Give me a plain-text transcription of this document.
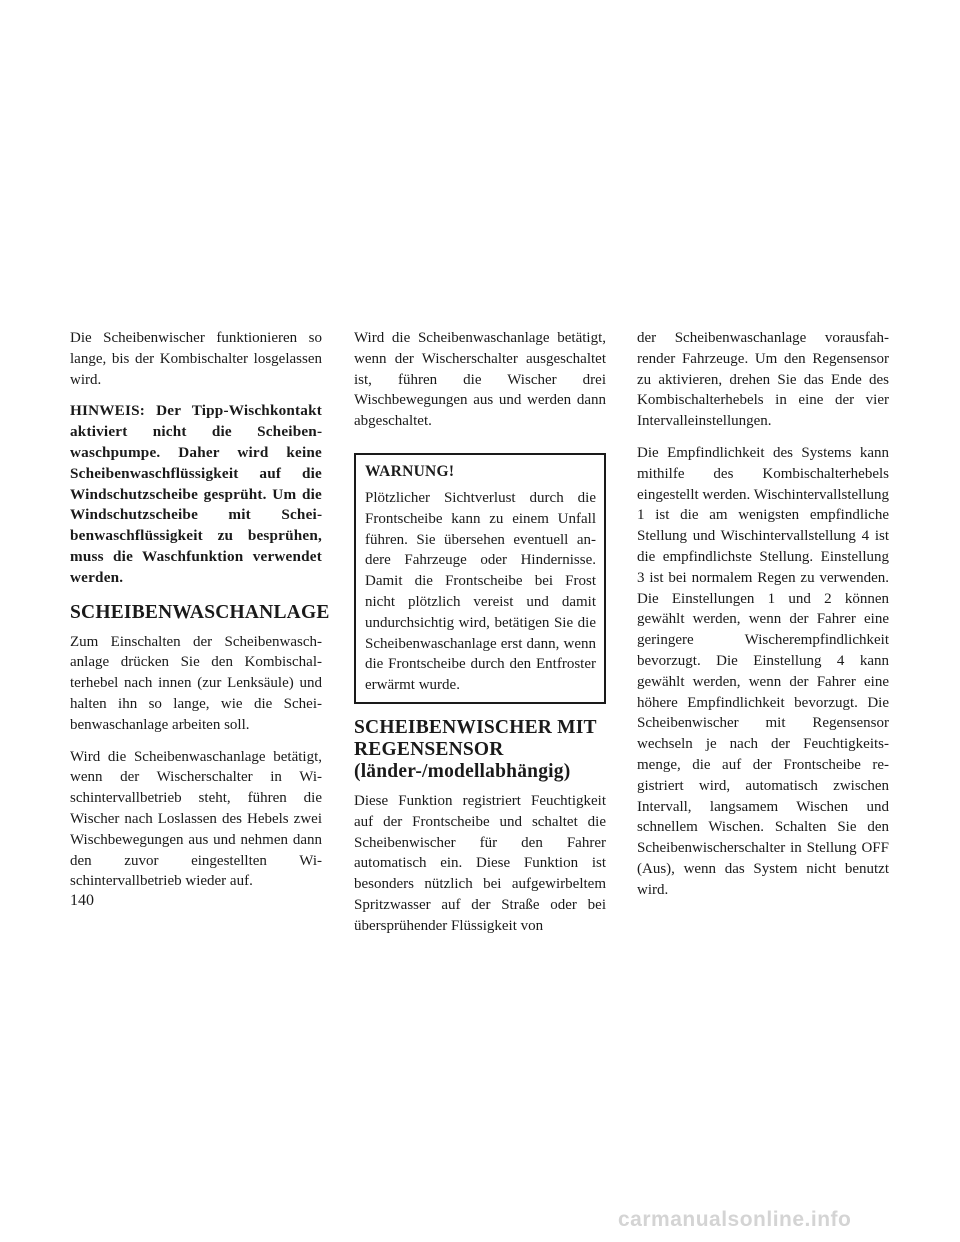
Die Scheibenwischer funktionieren so lange, bis der Kombischalter losgelassen wird.

HINWEIS: Der Tipp-Wischkontakt aktiviert nicht die Scheibenwaschpumpe. Daher wird keine Scheibenwaschflüssigkeit auf die Windschutzscheibe gesprüht. Um die Windschutzscheibe mit Scheibenwaschflüssigkeit zu besprühen, muss die Waschfunktion verwendet werden.

SCHEIBENWASCHANLAGE

Zum Einschalten der Scheibenwaschanlage drücken Sie den Kombischalterhebel nach innen (zur Lenksäule) und halten ihn so lange, wie die Scheibenwaschanlage arbeiten soll.

Wird die Scheibenwaschanlage betätigt, wenn der Wischerschalter in Wischintervallbetrieb steht, führen die Wischer nach Loslassen des Hebels zwei Wischbewegungen aus und nehmen dann den zuvor eingestellten Wischintervallbetrieb wieder auf.

Wird die Scheibenwaschanlage betätigt, wenn der Wischerschalter ausgeschaltet ist, führen die Wischer drei Wischbewegungen aus und werden dann abgeschaltet.

WARNUNG!

Plötzlicher Sichtverlust durch die Frontscheibe kann zu einem Unfall führen. Sie übersehen eventuell andere Fahrzeuge oder Hindernisse. Damit die Frontscheibe bei Frost nicht plötzlich vereist und damit undurchsichtig wird, betätigen Sie die Scheibenwaschanlage erst dann, wenn die Frontscheibe durch den Entfroster erwärmt wurde.

SCHEIBENWISCHER MIT
REGENSENSOR
(länder-/modellabhängig)

Diese Funktion registriert Feuchtigkeit auf der Frontscheibe und schaltet die Scheibenwischer für den Fahrer automatisch ein. Diese Funktion ist besonders nützlich bei aufgewirbeltem Spritzwasser auf der Straße oder bei übersprühender Flüssigkeit von

der Scheibenwaschanlage vorausfahrender Fahrzeuge. Um den Regensensor zu aktivieren, drehen Sie das Ende des Kombischalterhebels in eine der vier Intervalleinstellungen.

Die Empfindlichkeit des Systems kann mithilfe des Kombischalterhebels eingestellt werden. Wischintervallstellung 1 ist die am wenigsten empfindliche Stellung und Wischintervallstellung 4 ist die empfindlichste Stellung. Einstellung 3 ist bei normalem Regen zu verwenden. Die Einstellungen 1 und 2 können gewählt werden, wenn der Fahrer eine geringere Wischerempfindlichkeit bevorzugt. Die Einstellung 4 kann gewählt werden, wenn der Fahrer eine höhere Empfindlichkeit bevorzugt. Die Scheibenwischer mit Regensensor wechseln je nach der Feuchtigkeitsmenge, die auf der Frontscheibe registriert wird, automatisch zwischen Intervall, langsamem Wischen und schnellem Wischen. Schalten Sie den Scheibenwischerschalter in Stellung OFF (Aus), wenn das System nicht benutzt wird.

140
carmanualsonline.info
